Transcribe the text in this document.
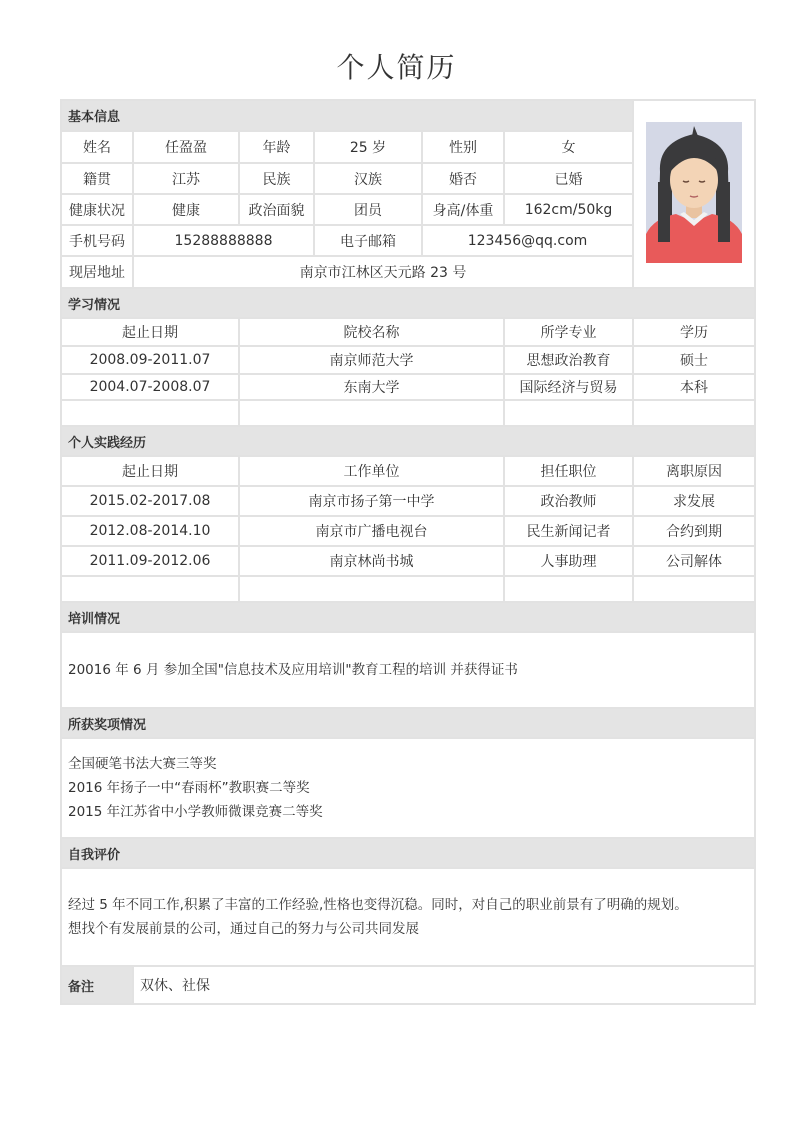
个人简历
基本信息	
姓名	任盈盈	年龄	25 岁	性别	女	
籍贯	江苏	民族	汉族	婚否	已婚	
健康状况	健康	政治面貌	团员	身高/体重	162cm/50kg	
手机号码	15288888888		电子邮箱	123456@qq.com		
现居地址	南京市江林区天元路 23 号					
学习情况						
起止日期		院校名称			所学专业	学历
2008.09-2011.07		南京师范大学			思想政治教育	硕士
2004.07-2008.07		东南大学			国际经济与贸易	本科

个人实践经历						
起止日期		工作单位			担任职位	离职原因
2015.02-2017.08		南京市扬子第一中学			政治教师	求发展
2012.08-2014.10		南京市广播电视台			民生新闻记者	合约到期
2011.09-2012.06		南京林尚书城			人事助理	公司解体

培训情况						
20016 年 6 月 参加全国"信息技术及应用培训"教育工程的培训 并获得证书						
所获奖项情况						

全国硬笔书法大赛三等奖
2016 年扬子一中“春雨杯”教职赛二等奖
2015 年江苏省中小学教师微课竞赛二等奖						

自我评价						

经过 5 年不同工作,积累了丰富的工作经验,性格也变得沉稳。同时，对自己的职业前景有了明确的规划。
想找个有发展前景的公司，通过自己的努力与公司共同发展						

备注	双休、社保					
